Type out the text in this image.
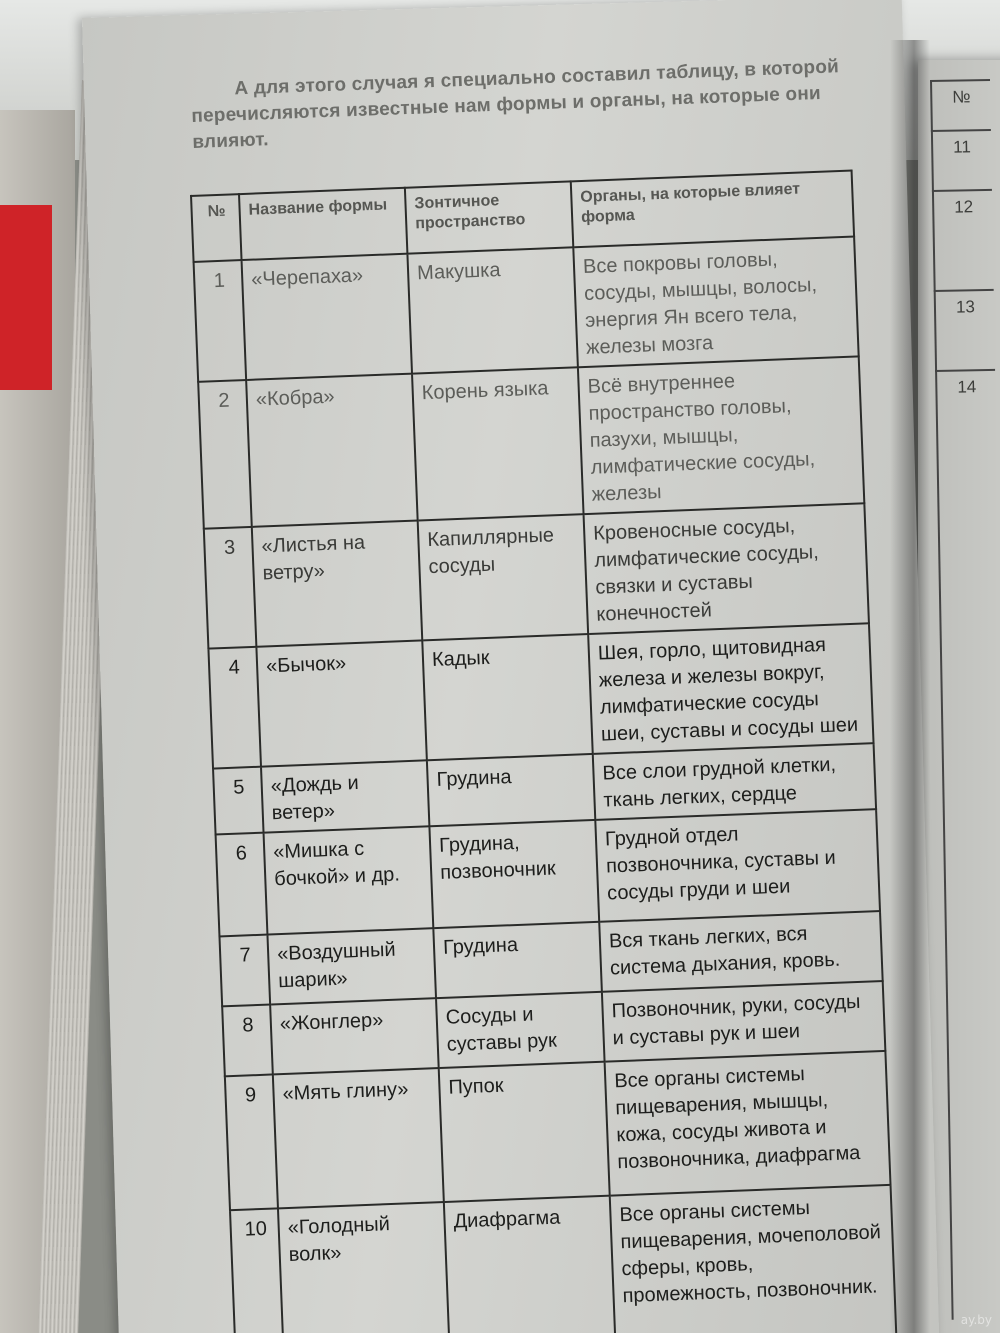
А для этого случая я специально составил таблицу, в которой перечисляются известные нам формы и органы, на которые они влияют.
№	Название формы	Зонтичное пространство	Органы, на которые влияет форма
1	«Черепаха»	Макушка	Все покровы головы, сосуды, мышцы, волосы, энергия Ян всего тела, железы мозга
2	«Кобра»	Корень языка	Всё внутреннее пространство головы, пазухи, мышцы, лимфатические сосуды, железы
3	«Листья на ветру»	Капиллярные сосуды	Кровеносные сосуды, лимфатические сосуды, связки и суставы конечностей
4	«Бычок»	Кадык	Шея, горло, щитовидная железа и железы вокруг, лимфатические сосуды шеи, суставы и сосуды шеи
5	«Дождь и ветер»	Грудина	Все слои грудной клетки, ткань легких, сердце
6	«Мишка с бочкой» и др.	Грудина, позвоночник	Грудной отдел позвоночника, суставы и сосуды груди и шеи
7	«Воздушный шарик»	Грудина	Вся ткань легких, вся система дыхания, кровь.
8	«Жонглер»	Сосуды и суставы рук	Позвоночник, руки, сосуды и суставы рук и шеи
9	«Мять глину»	Пупок	Все органы системы пищеварения, мышцы, кожа, сосуды живота и позвоночника, диафрагма
10	«Голодный волк»	Диафрагма	Все органы системы пищеварения, мочеполовой сферы, кровь, промежность, позвоночник.
№
11
12
13
14
ay.by
